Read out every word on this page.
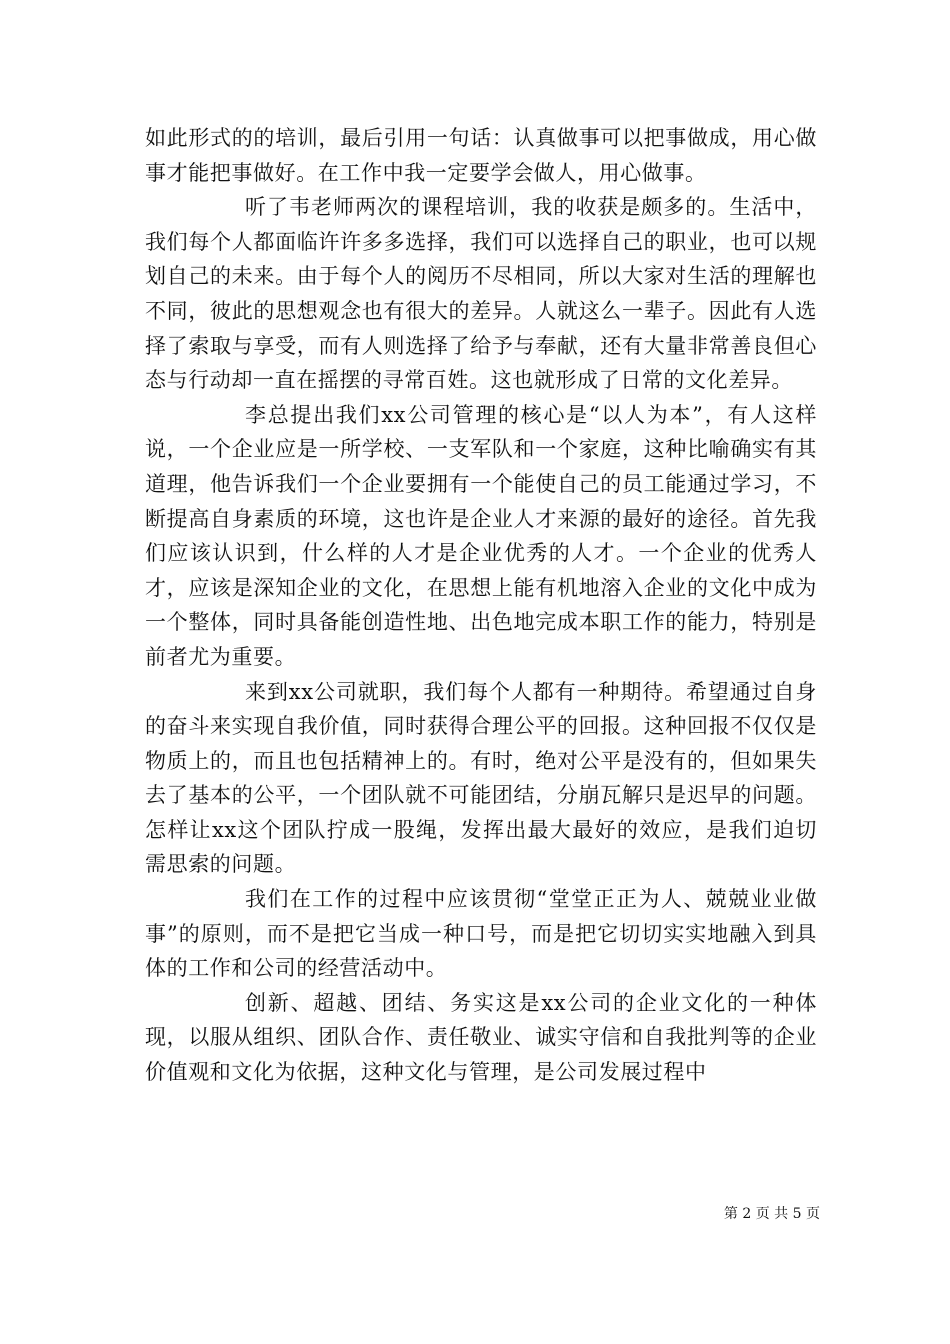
如此形式的的培训，最后引用一句话：认真做事可以把事做成，用心做事才能把事做好。在工作中我一定要学会做人，用心做事。

听了韦老师两次的课程培训，我的收获是颇多的。生活中，我们每个人都面临许许多多选择，我们可以选择自己的职业，也可以规划自己的未来。由于每个人的阅历不尽相同，所以大家对生活的理解也不同，彼此的思想观念也有很大的差异。人就这么一辈子。因此有人选择了索取与享受，而有人则选择了给予与奉献，还有大量非常善良但心态与行动却一直在摇摆的寻常百姓。这也就形成了日常的文化差异。

李总提出我们xx公司管理的核心是“以人为本”，有人这样说，一个企业应是一所学校、一支军队和一个家庭，这种比喻确实有其道理，他告诉我们一个企业要拥有一个能使自己的员工能通过学习，不断提高自身素质的环境，这也许是企业人才来源的最好的途径。首先我们应该认识到，什么样的人才是企业优秀的人才。一个企业的优秀人才，应该是深知企业的文化，在思想上能有机地溶入企业的文化中成为一个整体，同时具备能创造性地、出色地完成本职工作的能力，特别是前者尤为重要。

来到xx公司就职，我们每个人都有一种期待。希望通过自身的奋斗来实现自我价值，同时获得合理公平的回报。这种回报不仅仅是物质上的，而且也包括精神上的。有时，绝对公平是没有的，但如果失去了基本的公平，一个团队就不可能团结，分崩瓦解只是迟早的问题。怎样让xx这个团队拧成一股绳，发挥出最大最好的效应，是我们迫切需思索的问题。

我们在工作的过程中应该贯彻“堂堂正正为人、兢兢业业做事”的原则，而不是把它当成一种口号，而是把它切切实实地融入到具体的工作和公司的经营活动中。

创新、超越、团结、务实这是xx公司的企业文化的一种体现，以服从组织、团队合作、责任敬业、诚实守信和自我批判等的企业价值观和文化为依据，这种文化与管理，是公司发展过程中

第 2 页 共 5 页
